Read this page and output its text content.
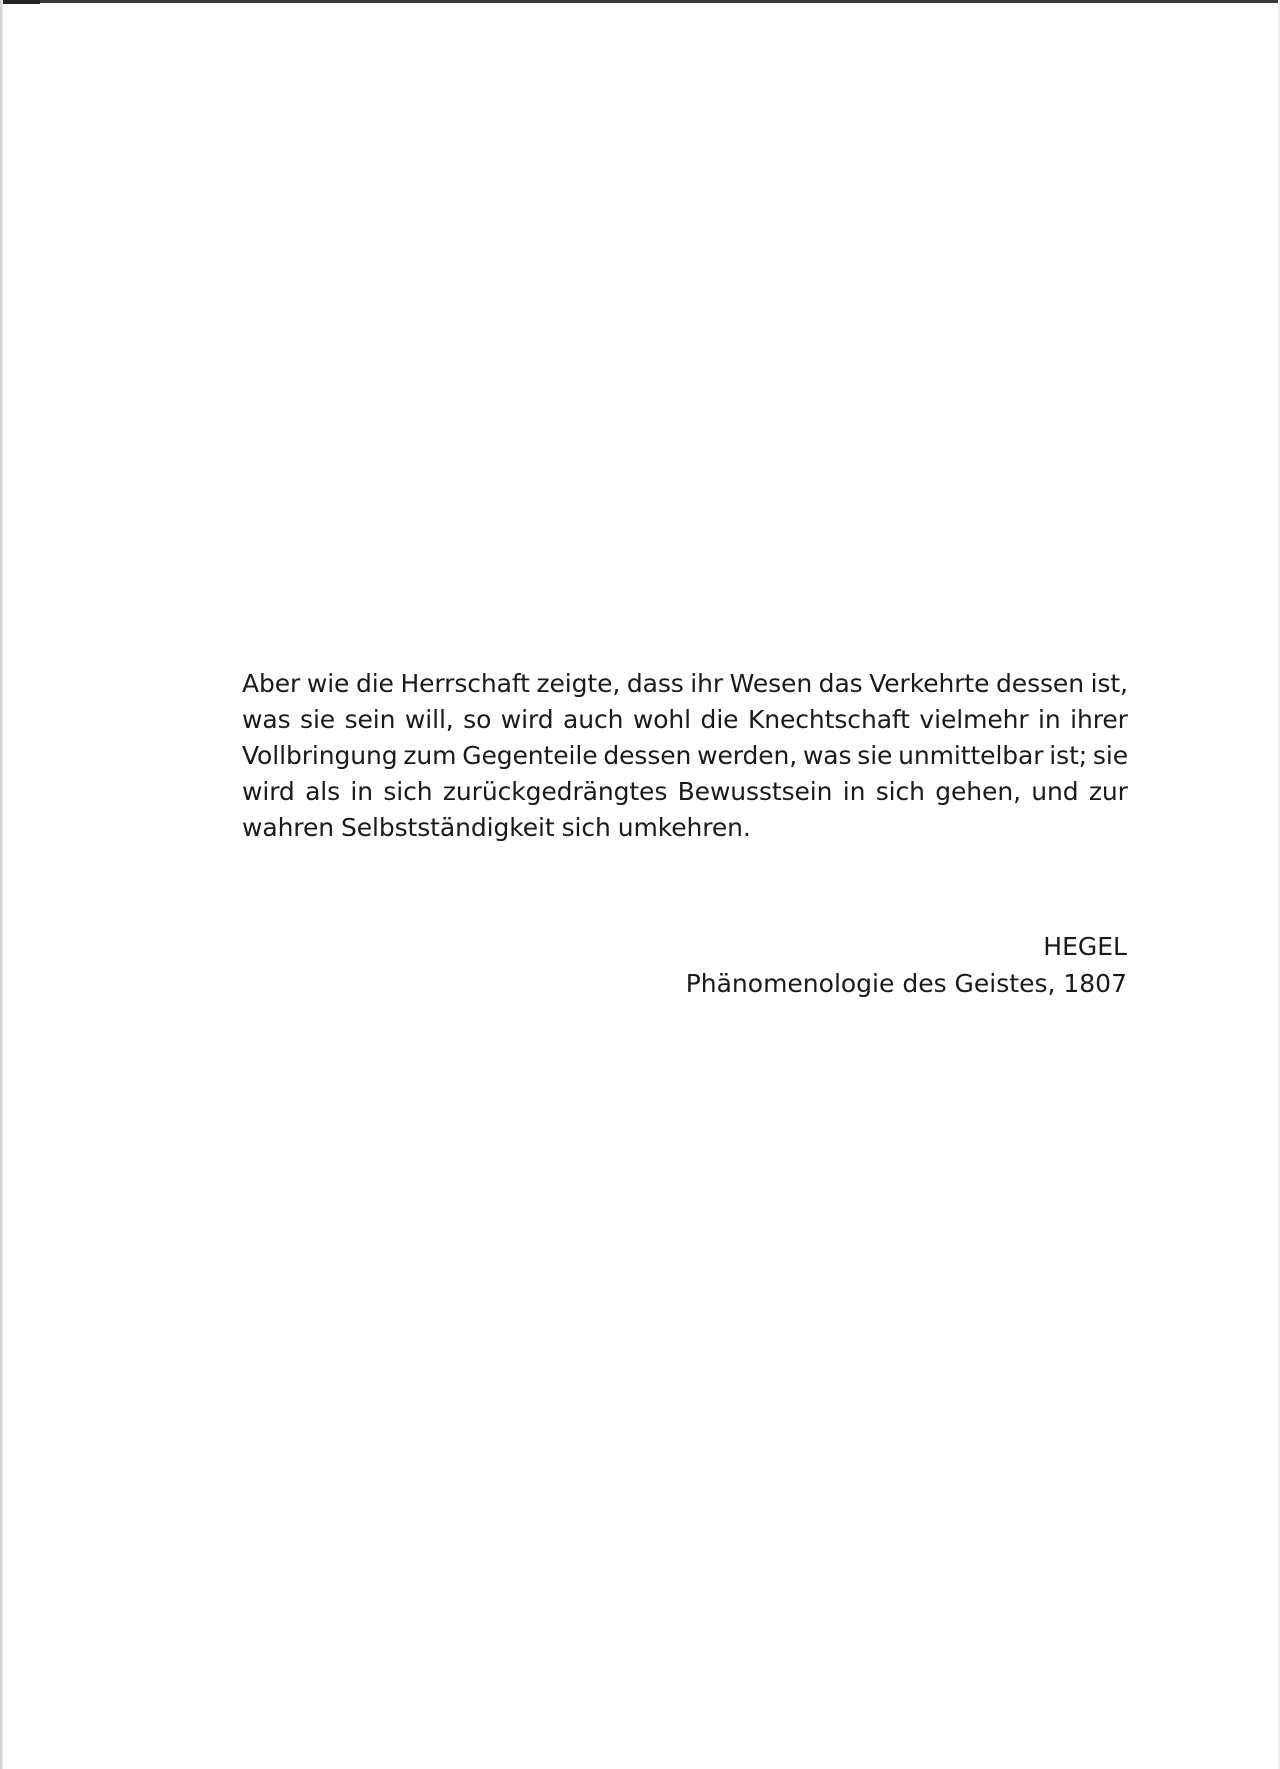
Aber wie die Herrschaft zeigte, dass ihr Wesen das Verkehrte dessen ist,
was sie sein will, so wird auch wohl die Knechtschaft vielmehr in ihrer
Vollbringung zum Gegenteile dessen werden, was sie unmittelbar ist; sie
wird als in sich zurückgedrängtes Bewusstsein in sich gehen, und zur
wahren Selbstständigkeit sich umkehren.
HEGEL
Phänomenologie des Geistes, 1807
